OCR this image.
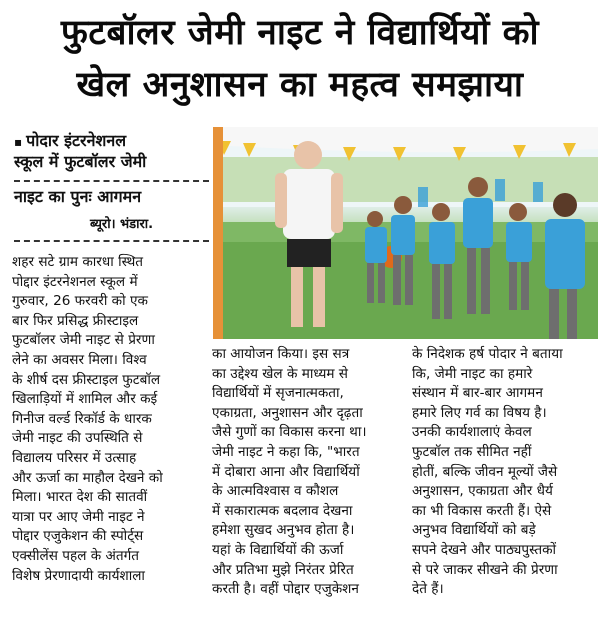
फुटबॉलर जेमी नाइट ने विद्यार्थियों को
खेल अनुशासन का महत्व समझाया
▪ पोदार इंटरनेशनल
स्कूल में फुटबॉलर जेमी
नाइट का पुनः आगमन
ब्यूरो। भंडारा.
शहर सटे ग्राम कारधा स्थित
पोद्दार इंटरनेशनल स्कूल में
गुरुवार, 26 फरवरी को एक
बार फिर प्रसिद्ध फ्रीस्टाइल
फुटबॉलर जेमी नाइट से प्रेरणा
लेने का अवसर मिला। विश्व
के शीर्ष दस फ्रीस्टाइल फुटबॉल
खिलाड़ियों में शामिल और कई
गिनीज वर्ल्ड रिकॉर्ड के धारक
जेमी नाइट की उपस्थिति से
विद्यालय परिसर में उत्साह
और ऊर्जा का माहौल देखने को
मिला। भारत देश की सातवीं
यात्रा पर आए जेमी नाइट ने
पोद्दार एजुकेशन की स्पोर्ट्स
एक्सीलेंस पहल के अंतर्गत
विशेष प्रेरणादायी कार्यशाला
का आयोजन किया। इस सत्र
का उद्देश्य खेल के माध्यम से
विद्यार्थियों में सृजनात्मकता,
एकाग्रता, अनुशासन और दृढ़ता
जैसे गुणों का विकास करना था।
जेमी नाइट ने कहा कि, "भारत
में दोबारा आना और विद्यार्थियों
के आत्मविश्वास व कौशल
में सकारात्मक बदलाव देखना
हमेशा सुखद अनुभव होता है।
यहां के विद्यार्थियों की ऊर्जा
और प्रतिभा मुझे निरंतर प्रेरित
करती है। वहीं पोद्दार एजुकेशन
के निदेशक हर्ष पोदार ने बताया
कि, जेमी नाइट का हमारे
संस्थान में बार-बार आगमन
हमारे लिए गर्व का विषय है।
उनकी कार्यशालाएं केवल
फुटबॉल तक सीमित नहीं
होतीं, बल्कि जीवन मूल्यों जैसे
अनुशासन, एकाग्रता और धैर्य
का भी विकास करती हैं। ऐसे
अनुभव विद्यार्थियों को बड़े
सपने देखने और पाठ्यपुस्तकों
से परे जाकर सीखने की प्रेरणा
देते हैं।
